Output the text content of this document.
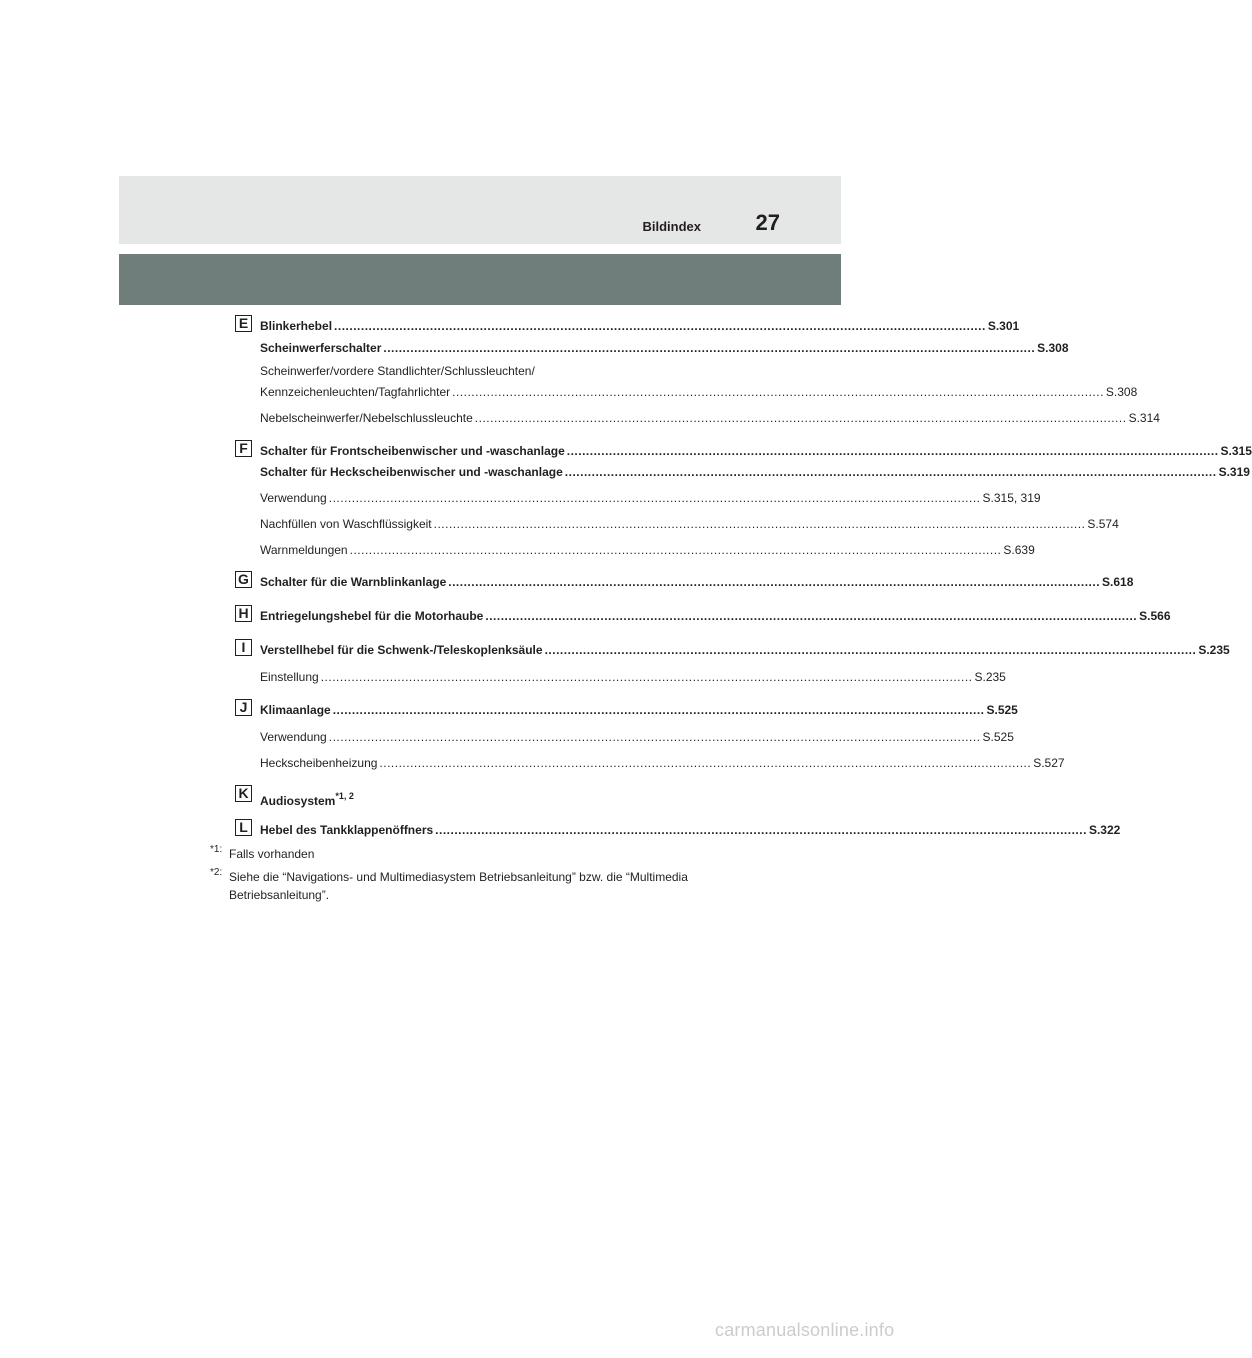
Bildindex	27
E Blinkerhebel .......................................................................................................................................................................... S.301
Scheinwerferschalter .......................................................................................................................................................................... S.308
Scheinwerfer/vordere Standlichter/Schlussleuchten/
Kennzeichenleuchten/Tagfahrlichter .......................................................................................................................................................................... S.308
Nebelscheinwerfer/Nebelschlussleuchte .......................................................................................................................................................................... S.314
F	Schalter für Frontscheibenwischer und -waschanlage .......................................................................................................................................................................... S.315
Schalter für Heckscheibenwischer und -waschanlage .......................................................................................................................................................................... S.319
Verwendung .......................................................................................................................................................................... S.315, 319
Nachfüllen von Waschflüssigkeit .......................................................................................................................................................................... S.574
Warnmeldungen .......................................................................................................................................................................... S.639
G Schalter für die Warnblinkanlage .......................................................................................................................................................................... S.618
H Entriegelungshebel für die Motorhaube .......................................................................................................................................................................... S.566
I	Verstellhebel für die Schwenk-/Teleskoplenksäule .......................................................................................................................................................................... S.235
Einstellung .......................................................................................................................................................................... S.235
J	Klimaanlage .......................................................................................................................................................................... S.525
Verwendung .......................................................................................................................................................................... S.525
Heckscheibenheizung .......................................................................................................................................................................... S.527
K Audiosystem$^{*1, 2}$
L	Hebel des Tankklappenöffners .......................................................................................................................................................................... S.322
*1: Falls vorhanden
*2: Siehe die “Navigations- und Multimediasystem Betriebsanleitung” bzw. die “Multimedia
Betriebsanleitung”.
carmanualsonline.info
